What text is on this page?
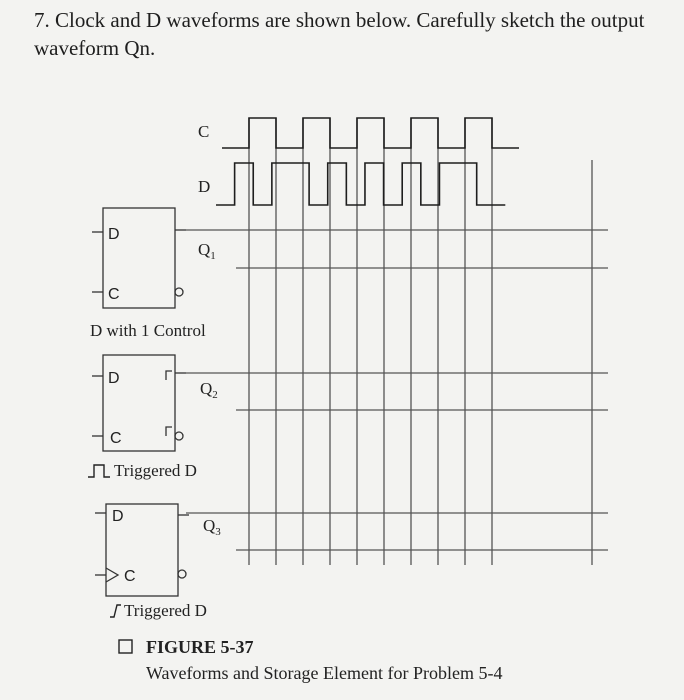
7. Clock and D waveforms are shown below. Carefully sketch the output waveform Qn.
C
D
D
C
$Q_1$
D with 1 Control
D
C
$Q_2$
Triggered D
D
C
$Q_3$
Triggered D
FIGURE 5-37
Waveforms and Storage Element for Problem 5-4
